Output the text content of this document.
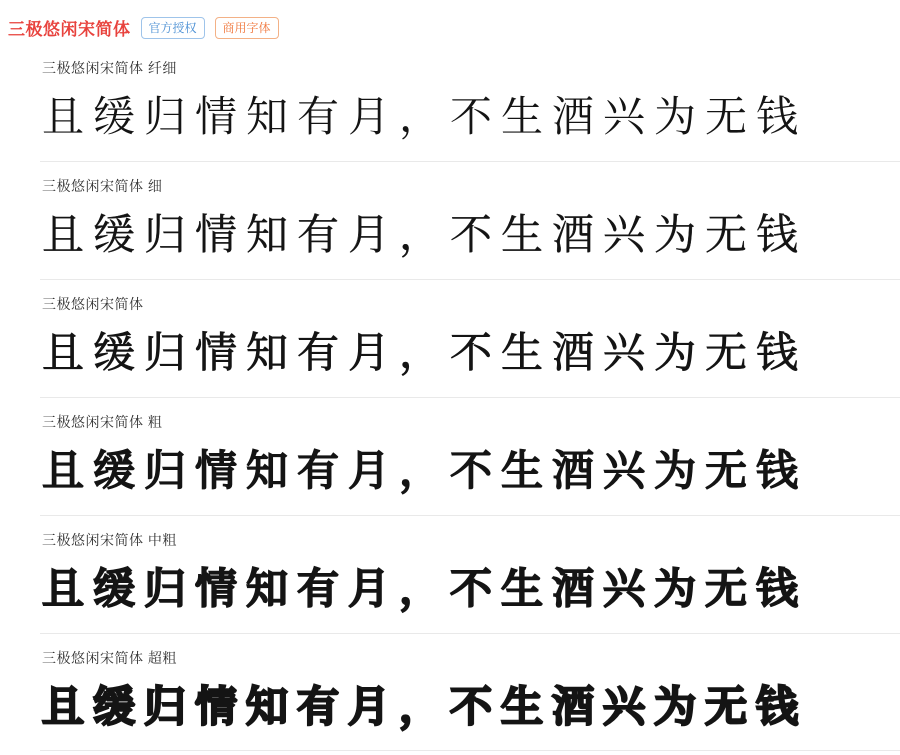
三极悠闲宋简体	官方授权	商用字体
三极悠闲宋简体 纤细
且缓归情知有月，不生酒兴为无钱
三极悠闲宋简体 细
且缓归情知有月，不生酒兴为无钱
三极悠闲宋简体
且缓归情知有月，不生酒兴为无钱
三极悠闲宋简体 粗
且缓归情知有月，不生酒兴为无钱
三极悠闲宋简体 中粗
且缓归情知有月，不生酒兴为无钱
三极悠闲宋简体 超粗
且缓归情知有月，不生酒兴为无钱
